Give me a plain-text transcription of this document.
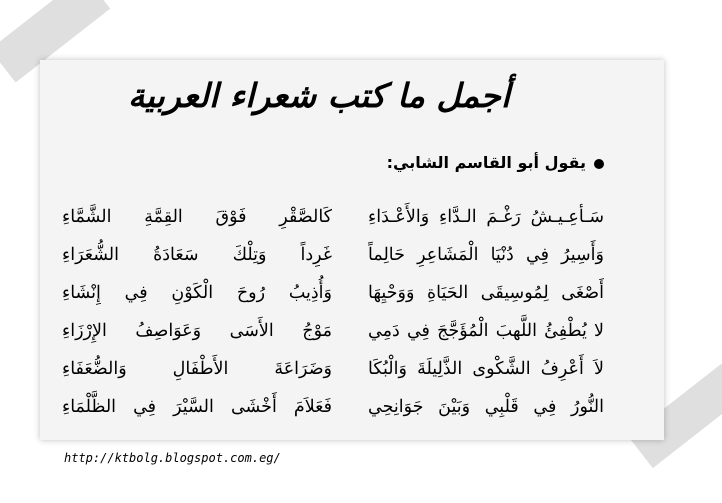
أجمل ما كتب شعراء العربية
يقول أبو القاسم الشابي:
سَـأعِـيـشُ رَغْـمَ الـدَّاءِ وَالأَعْـدَاءِ
وَأَسِيرُ فِي دُنْيَا الْمَشَاعِرِ حَالِماً
أَصْغَى لِمُوسِيقَى الحَيَاةِ وَوَحْيِهَا
لا يُطْفِئُ اللَّهبَ الْمُؤَجَّجَ فِي دَمِي
لاَ أَعْرِفُ الشَّكْوى الذَّلِيلَةَ وَالْبُكَا
النُّورُ فِي قَلْبِي وَبَيْنَ جَوَانِحِي
كَالصَّقْرِ فَوْقَ القِمَّةِ الشَّمَّاءِ
غَرِداً وَتِلْكَ سَعَادَةُ الشُّعَرَاءِ
وَأُذِيبُ رُوحَ الْكَوْنِ فِي إِنْشَاءِ
مَوْجُ الأَسَى وَعَوَاصِفُ الإِرْزَاءِ
وَضَرَاعَةَ الأَطْفَالِ وَالضُّعَفَاءِ
فَعَلاَمَ أَخْشَى السَّيْرَ فِي الظَّلْمَاءِ
http://ktbolg.blogspot.com.eg/
